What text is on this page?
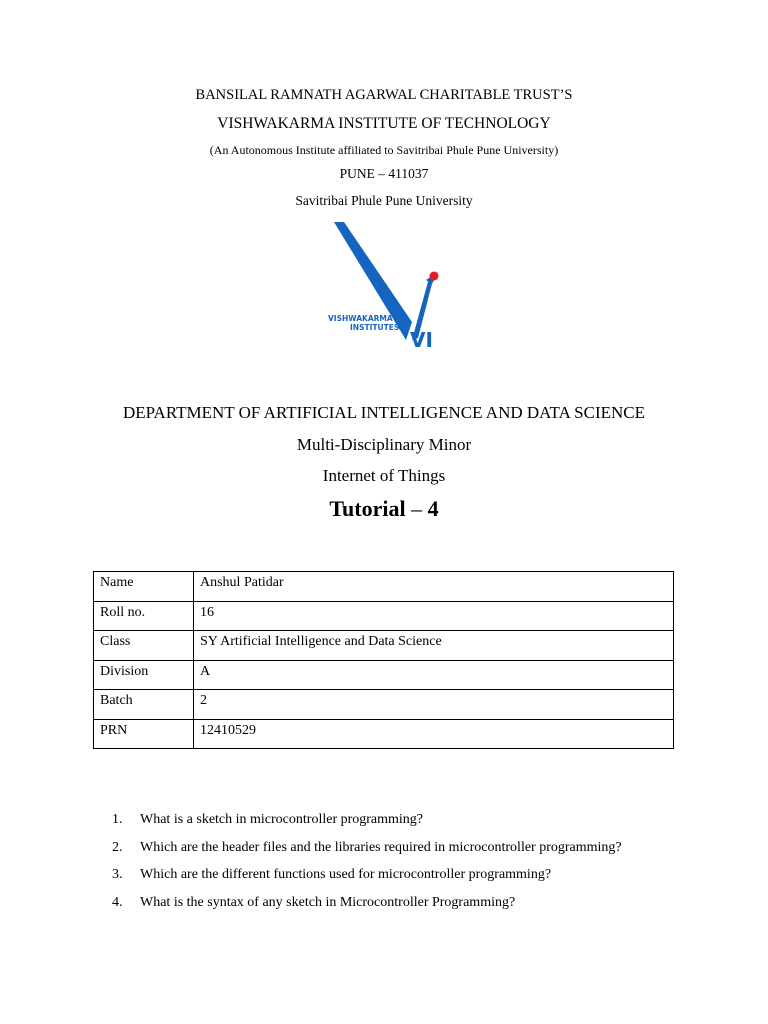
BANSILAL RAMNATH AGARWAL CHARITABLE TRUST’S
VISHWAKARMA INSTITUTE OF TECHNOLOGY
(An Autonomous Institute affiliated to Savitribai Phule Pune University)
PUNE – 411037
Savitribai Phule Pune University
VISHWAKARMA
INSTITUTES
VI
DEPARTMENT OF ARTIFICIAL INTELLIGENCE AND DATA SCIENCE
Multi-Disciplinary Minor
Internet of Things
Tutorial – 4
Name	Anshul Patidar
Roll no.	16
Class	SY Artificial Intelligence and Data Science
Division	A
Batch	2
PRN	12410529
1. What is a sketch in microcontroller programming?
2. Which are the header files and the libraries required in microcontroller programming?
3. Which are the different functions used for microcontroller programming?
4. What is the syntax of any sketch in Microcontroller Programming?
